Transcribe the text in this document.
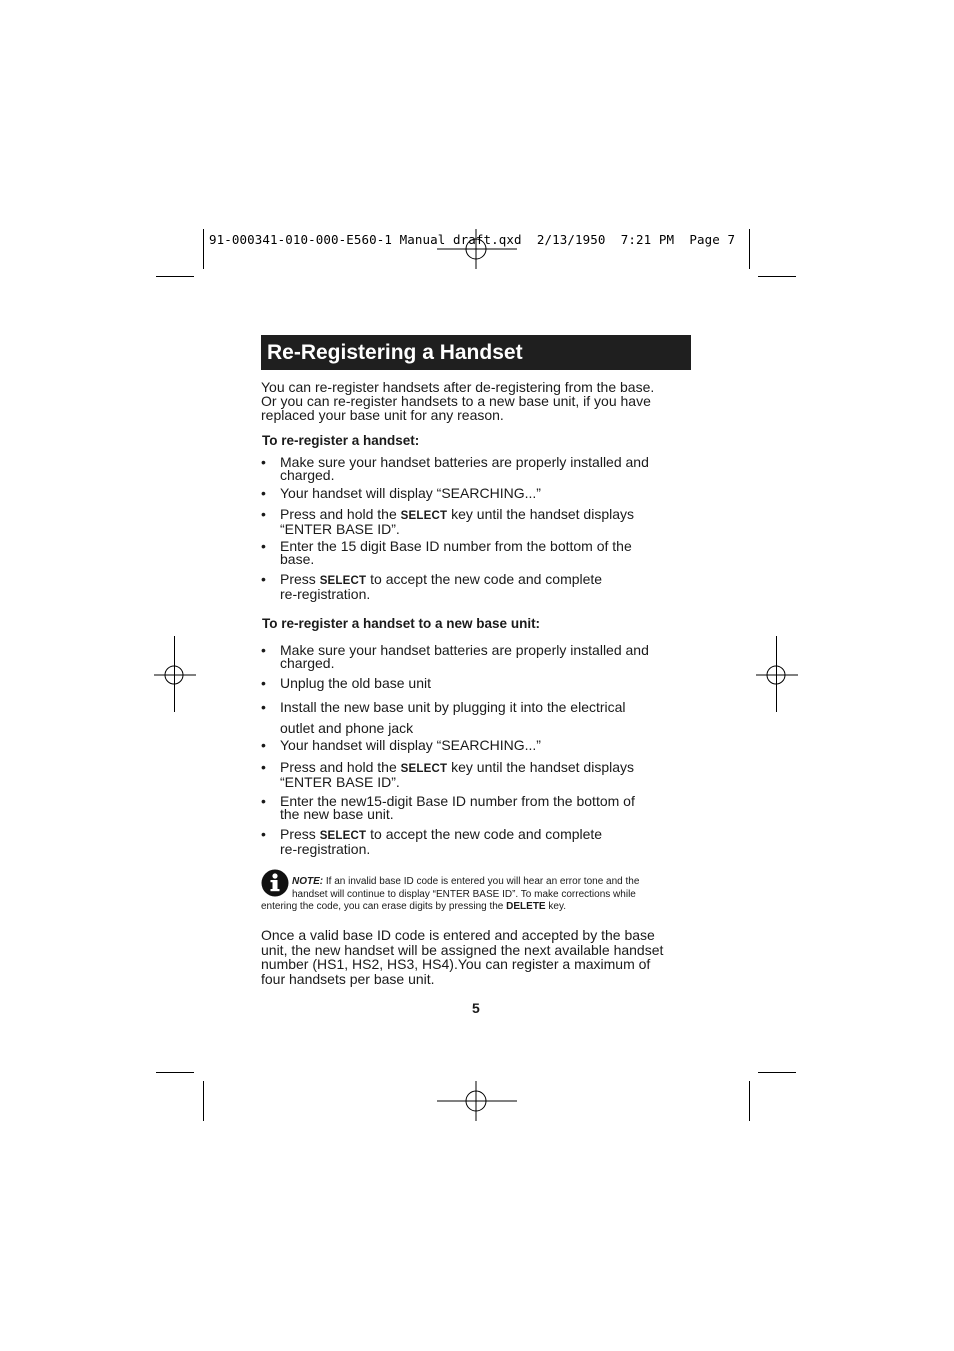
91-000341-010-000-E560-1 Manual draft.qxd  2/13/1950  7:21 PM  Page 7
Re-Registering a Handset
You can re-register handsets after de-registering from the base.
Or you can re-register handsets to a new base unit, if you have
replaced your base unit for any reason.
To re-register a handset:
• Make sure your handset batteries are properly installed and
charged.
• Your handset will display “SEARCHING...”
• Press and hold the SELECT key until the handset displays
“ENTER BASE ID”.
• Enter the 15 digit Base ID number from the bottom of the
base.
• Press SELECT to accept the new code and complete
re-registration.
To re-register a handset to a new base unit:
• Make sure your handset batteries are properly installed and
charged.
• Unplug the old base unit
• Install the new base unit by plugging it into the electrical
outlet and phone jack
• Your handset will display “SEARCHING...”
• Press and hold the SELECT key until the handset displays
“ENTER BASE ID”.
• Enter the new15-digit Base ID number from the bottom of
the new base unit.
• Press SELECT to accept the new code and complete
re-registration.
NOTE: If an invalid base ID code is entered you will hear an error tone and the
handset will continue to display “ENTER BASE ID”. To make corrections while
entering the code, you can erase digits by pressing the DELETE key.
Once a valid base ID code is entered and accepted by the base
unit, the new handset will be assigned the next available handset
number (HS1, HS2, HS3, HS4).You can register a maximum of
four handsets per base unit.
5
